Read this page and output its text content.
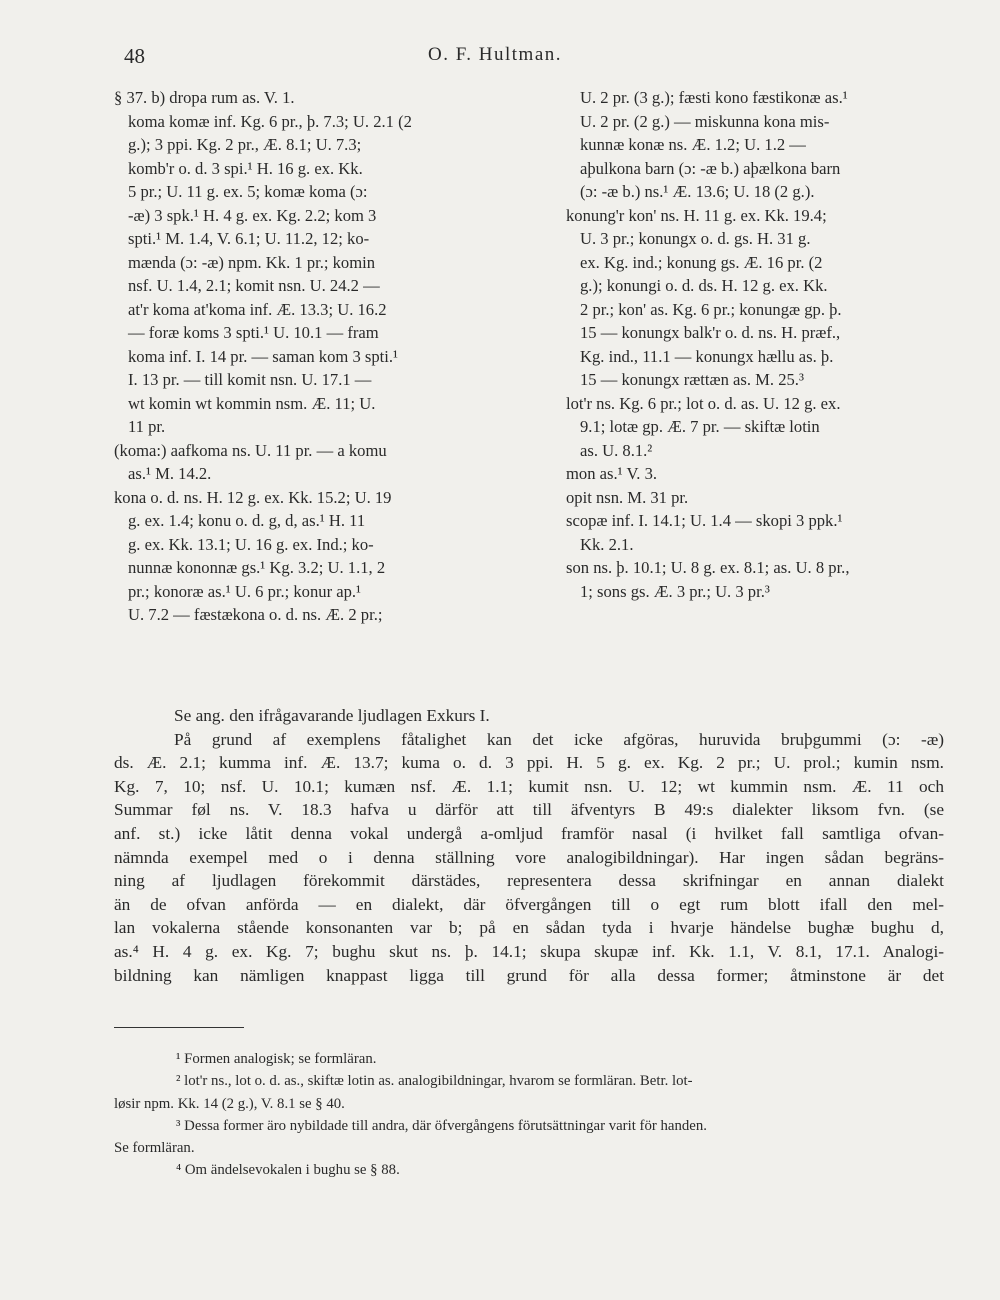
48	O. F. Hultman.
§ 37. b) dropa rum as. V. 1.
koma komæ inf. Kg. 6 pr., þ. 7.3; U. 2.1 (2
g.); 3 ppi. Kg. 2 pr., Æ. 8.1; U. 7.3;
komb'r o. d. 3 spi.¹ H. 16 g. ex. Kk.
5 pr.; U. 11 g. ex. 5; komæ koma (ɔ:
-æ) 3 spk.¹ H. 4 g. ex. Kg. 2.2; kom 3
spti.¹ M. 1.4, V. 6.1; U. 11.2, 12; ko-
mænda (ɔ: -æ) npm. Kk. 1 pr.; komin
nsf. U. 1.4, 2.1; komit nsn. U. 24.2 —
at'r koma at'koma inf. Æ. 13.3; U. 16.2
— foræ koms 3 spti.¹ U. 10.1 — fram
koma inf. I. 14 pr. — saman kom 3 spti.¹
I. 13 pr. — till komit nsn. U. 17.1 —
wt komin wt kommin nsm. Æ. 11; U.
11 pr.
(koma:) aafkoma ns. U. 11 pr. — a komu
as.¹ M. 14.2.
kona o. d. ns. H. 12 g. ex. Kk. 15.2; U. 19
g. ex. 1.4; konu o. d. g, d, as.¹ H. 11
g. ex. Kk. 13.1; U. 16 g. ex. Ind.; ko-
nunnæ kononnæ gs.¹ Kg. 3.2; U. 1.1, 2
pr.; konoræ as.¹ U. 6 pr.; konur ap.¹
U. 7.2 — fæstækona o. d. ns. Æ. 2 pr.;
U. 2 pr. (3 g.); fæsti kono fæstikonæ as.¹
U. 2 pr. (2 g.) — miskunna kona mis-
kunnæ konæ ns. Æ. 1.2; U. 1.2 —
aþulkona barn (ɔ: -æ b.) aþælkona barn
(ɔ: -æ b.) ns.¹ Æ. 13.6; U. 18 (2 g.).
konung'r kon' ns. H. 11 g. ex. Kk. 19.4;
U. 3 pr.; konungx o. d. gs. H. 31 g.
ex. Kg. ind.; konung gs. Æ. 16 pr. (2
g.); konungi o. d. ds. H. 12 g. ex. Kk.
2 pr.; kon' as. Kg. 6 pr.; konungæ gp. þ.
15 — konungx balk'r o. d. ns. H. præf.,
Kg. ind., 11.1 — konungx hællu as. þ.
15 — konungx rættæn as. M. 25.³
lot'r ns. Kg. 6 pr.; lot o. d. as. U. 12 g. ex.
9.1; lotæ gp. Æ. 7 pr. — skiftæ lotin
as. U. 8.1.²
mon as.¹ V. 3.
opit nsn. M. 31 pr.
scopæ inf. I. 14.1; U. 1.4 — skopi 3 ppk.¹
Kk. 2.1.
son ns. þ. 10.1; U. 8 g. ex. 8.1; as. U. 8 pr.,
1; sons gs. Æ. 3 pr.; U. 3 pr.³
Se ang. den ifrågavarande ljudlagen Exkurs I.
På grund af exemplens fåtalighet kan det icke afgöras, huruvida bruþgummi (ɔ: -æ)
ds. Æ. 2.1; kumma inf. Æ. 13.7; kuma o. d. 3 ppi. H. 5 g. ex. Kg. 2 pr.; U. prol.; kumin nsm.
Kg. 7, 10; nsf. U. 10.1; kumæn nsf. Æ. 1.1; kumit nsn. U. 12; wt kummin nsm. Æ. 11 och
Summar føl ns. V. 18.3 hafva u därför att till äfventyrs B 49:s dialekter liksom fvn. (se
anf. st.) icke låtit denna vokal undergå a-omljud framför nasal (i hvilket fall samtliga ofvan-
nämnda exempel med o i denna ställning vore analogibildningar). Har ingen sådan begräns-
ning af ljudlagen förekommit därstädes, representera dessa skrifningar en annan dialekt
än de ofvan anförda — en dialekt, där öfvergången till o egt rum blott ifall den mel-
lan vokalerna stående konsonanten var b; på en sådan tyda i hvarje händelse bughæ bughu d,
as.⁴ H. 4 g. ex. Kg. 7; bughu skut ns. þ. 14.1; skupa skupæ inf. Kk. 1.1, V. 8.1, 17.1. Analogi-
bildning kan nämligen knappast ligga till grund för alla dessa former; åtminstone är det
¹ Formen analogisk; se formläran.
² lot'r ns., lot o. d. as., skiftæ lotin as. analogibildningar, hvarom se formläran. Betr. lot-
løsir npm. Kk. 14 (2 g.), V. 8.1 se § 40.
³ Dessa former äro nybildade till andra, där öfvergångens förutsättningar varit för handen.
Se formläran.
⁴ Om ändelsevokalen i bughu se § 88.
